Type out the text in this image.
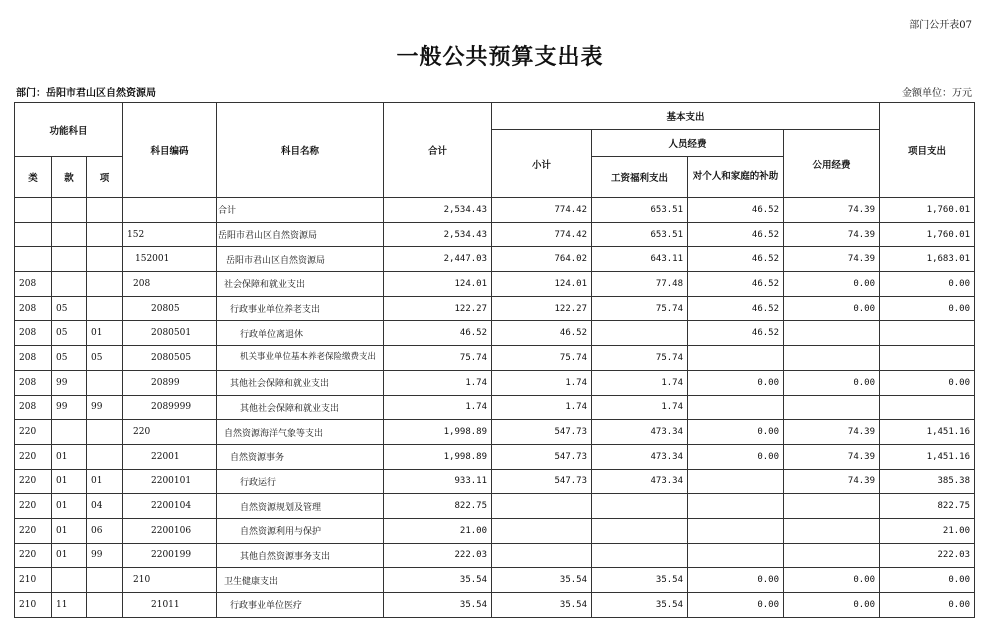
部门公开表07
一般公共预算支出表
部门：岳阳市君山区自然资源局	金额单位：万元
功能科目			科目编码	科目名称	合计	基本支出				项目支出
						小计	人员经费		公用经费	
类	款	项					工资福利支出	对个人和家庭的补助		
				合计	2,534.43	774.42	653.51	46.52	74.39	1,760.01
			152	岳阳市君山区自然资源局	2,534.43	774.42	653.51	46.52	74.39	1,760.01
			152001	岳阳市君山区自然资源局	2,447.03	764.02	643.11	46.52	74.39	1,683.01
208			208	社会保障和就业支出	124.01	124.01	77.48	46.52	0.00	0.00
208	05		20805	行政事业单位养老支出	122.27	122.27	75.74	46.52	0.00	0.00
208	05	01	2080501	行政单位离退休	46.52	46.52		46.52		
208	05	05	2080505	机关事业单位基本养老保险缴费支出	75.74	75.74	75.74			
208	99		20899	其他社会保障和就业支出	1.74	1.74	1.74	0.00	0.00	0.00
208	99	99	2089999	其他社会保障和就业支出	1.74	1.74	1.74			
220			220	自然资源海洋气象等支出	1,998.89	547.73	473.34	0.00	74.39	1,451.16
220	01		22001	自然资源事务	1,998.89	547.73	473.34	0.00	74.39	1,451.16
220	01	01	2200101	行政运行	933.11	547.73	473.34		74.39	385.38
220	01	04	2200104	自然资源规划及管理	822.75					822.75
220	01	06	2200106	自然资源利用与保护	21.00					21.00
220	01	99	2200199	其他自然资源事务支出	222.03					222.03
210			210	卫生健康支出	35.54	35.54	35.54	0.00	0.00	0.00
210	11		21011	行政事业单位医疗	35.54	35.54	35.54	0.00	0.00	0.00
